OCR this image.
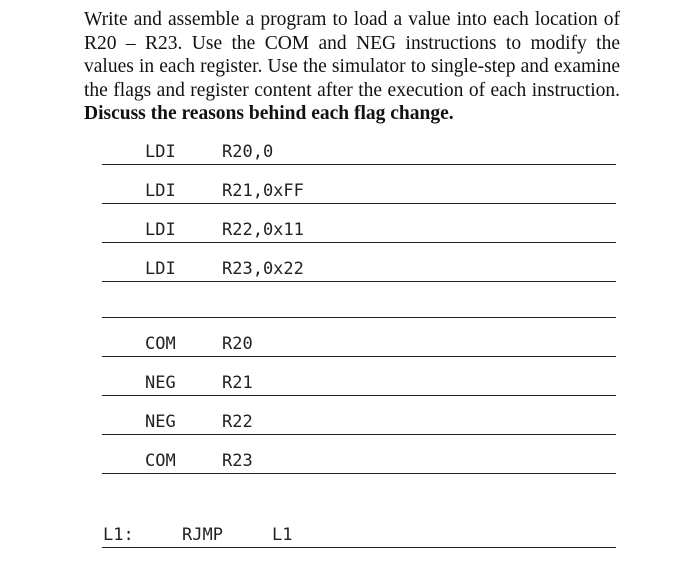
Write and assemble a program to load a value into each location of R20 – R23. Use the COM and NEG instructions to modify the values in each register. Use the simulator to single-step and examine the flags and register content after the execution of each instruction. Discuss the reasons behind each flag change.

LDI	R20,0
LDI	R21,0xFF
LDI	R22,0x11
LDI	R23,0x22
COM	R20
NEG	R21
NEG	R22
COM	R23
L1:	RJMP	L1
